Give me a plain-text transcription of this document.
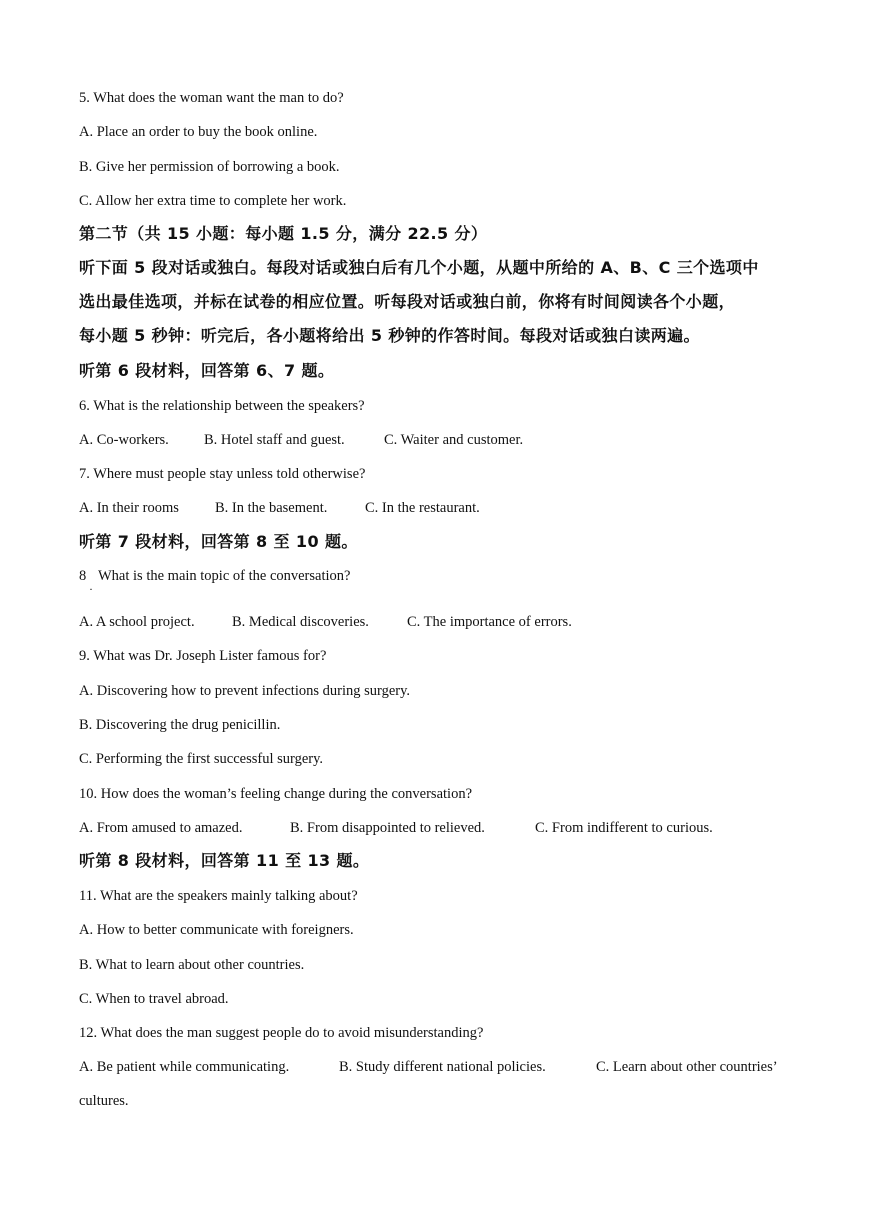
5. What does the woman want the man to do?
A. Place an order to buy the book online.
B. Give her permission of borrowing a book.
C. Allow her extra time to complete her work.
第二节（共 15 小题：每小题 1.5 分，满分 22.5 分）
听下面 5 段对话或独白。每段对话或独白后有几个小题，从题中所给的 A、B、C 三个选项中
选出最佳选项，并标在试卷的相应位置。听每段对话或独白前，你将有时间阅读各个小题，
每小题 5 秒钟：听完后，各小题将给出 5 秒钟的作答时间。每段对话或独白读两遍。
听第 6 段材料，回答第 6、7 题。
6. What is the relationship between the speakers?
A. Co-workers. B. Hotel staff and guest.	C. Waiter and customer.
7. Where must people stay unless told otherwise?
A. In their rooms B. In the basement.	C. In the restaurant.
听第 7 段材料，回答第 8 至 10 题。
8 What is the main topic of the conversation?
·
A. A school project.	B. Medical discoveries.	C. The importance of errors.
9. What was Dr. Joseph Lister famous for?
A. Discovering how to prevent infections during surgery.
B. Discovering the drug penicillin.
C. Performing the first successful surgery.
10. How does the woman’s feeling change during the conversation?
A. From amused to amazed.	B. From disappointed to relieved.	C. From indifferent to curious.
听第 8 段材料，回答第 11 至 13 题。
11. What are the speakers mainly talking about?
A. How to better communicate with foreigners.
B. What to learn about other countries.
C. When to travel abroad.
12. What does the man suggest people do to avoid misunderstanding?
A. Be patient while communicating.	B. Study different national policies.	C. Learn about other countries’
cultures.
